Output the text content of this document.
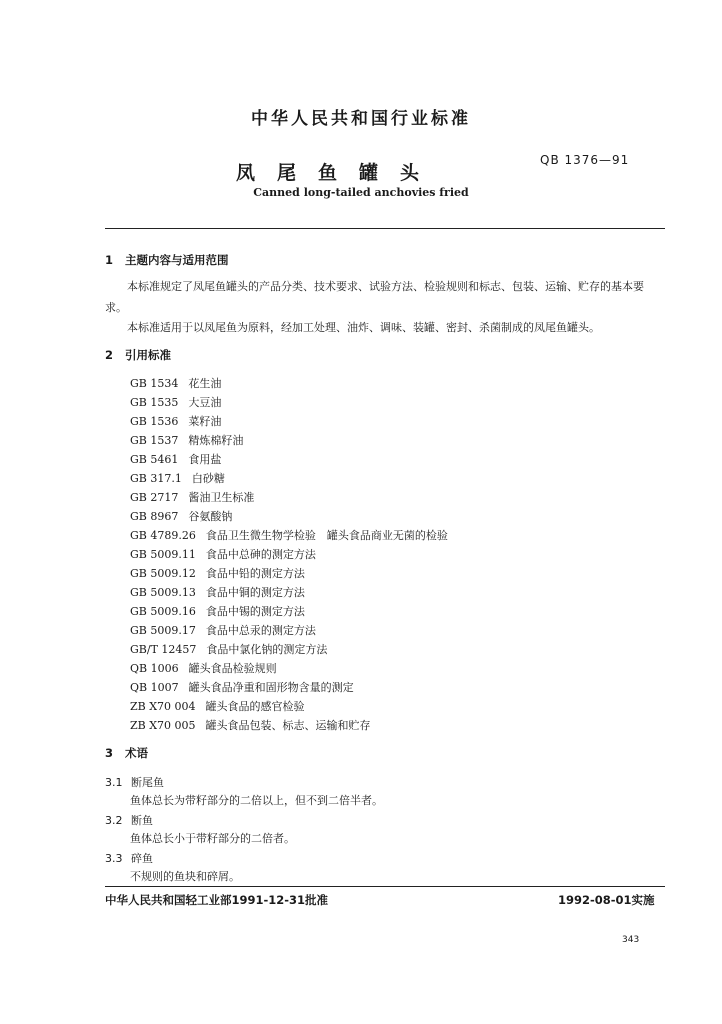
中华人民共和国行业标准
凤尾鱼罐头
QB 1376—91
Canned long-tailed anchovies fried
1 主题内容与适用范围
本标准规定了凤尾鱼罐头的产品分类、技术要求、试验方法、检验规则和标志、包装、运输、贮存的基本要求。
本标准适用于以凤尾鱼为原料，经加工处理、油炸、调味、装罐、密封、杀菌制成的凤尾鱼罐头。
2 引用标准
GB 1534 花生油
GB 1535 大豆油
GB 1536 菜籽油
GB 1537 精炼棉籽油
GB 5461 食用盐
GB 317.1 白砂糖
GB 2717 酱油卫生标准
GB 8967 谷氨酸钠
GB 4789.26 食品卫生微生物学检验　罐头食品商业无菌的检验
GB 5009.11 食品中总砷的测定方法
GB 5009.12 食品中铅的测定方法
GB 5009.13 食品中铜的测定方法
GB 5009.16 食品中锡的测定方法
GB 5009.17 食品中总汞的测定方法
GB/T 12457 食品中氯化钠的测定方法
QB 1006 罐头食品检验规则
QB 1007 罐头食品净重和固形物含量的测定
ZB X70 004 罐头食品的感官检验
ZB X70 005 罐头食品包装、标志、运输和贮存
3 术语
3.1 断尾鱼
鱼体总长为带籽部分的二倍以上，但不到二倍半者。
3.2 断鱼
鱼体总长小于带籽部分的二倍者。
3.3 碎鱼
不规则的鱼块和碎屑。
中华人民共和国轻工业部1991-12-31批准	1992-08-01实施
343
